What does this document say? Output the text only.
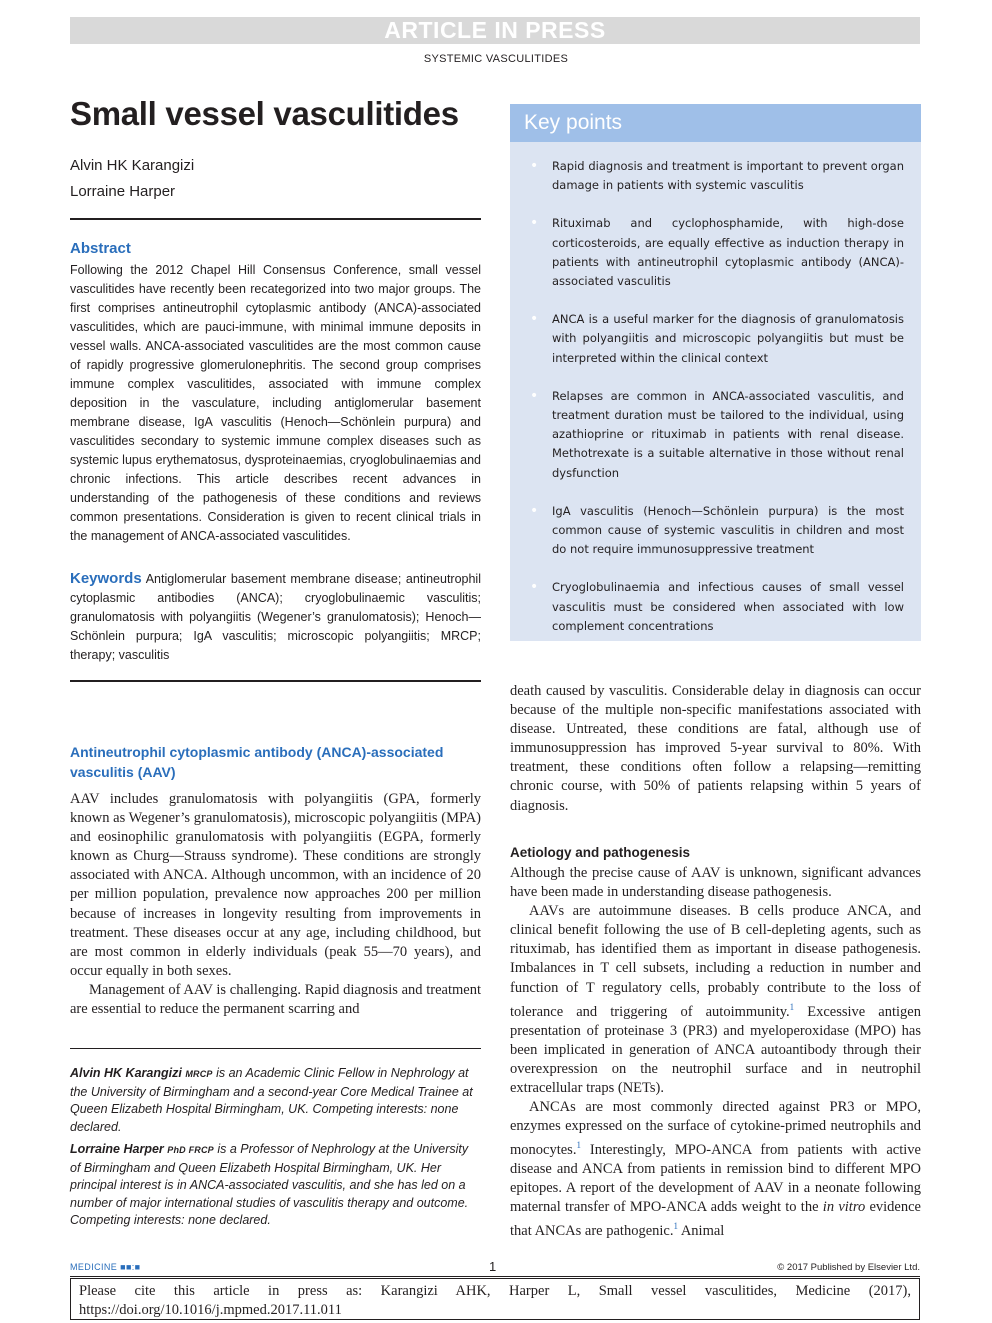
ARTICLE IN PRESS
SYSTEMIC VASCULITIDES
Small vessel vasculitides
Alvin HK Karangizi
Lorraine Harper
Abstract
Following the 2012 Chapel Hill Consensus Conference, small vessel vasculitides have recently been recategorized into two major groups. The first comprises antineutrophil cytoplasmic antibody (ANCA)-associated vasculitides, which are pauci-immune, with minimal immune deposits in vessel walls. ANCA-associated vasculitides are the most common cause of rapidly progressive glomerulonephritis. The second group comprises immune complex vasculitides, associated with immune complex deposition in the vasculature, including antiglomerular basement membrane disease, IgA vasculitis (Henoch—Schönlein purpura) and vasculitides secondary to systemic immune complex diseases such as systemic lupus erythematosus, dysproteinaemias, cryoglobulinaemias and chronic infections. This article describes recent advances in understanding of the pathogenesis of these conditions and reviews common presentations. Consideration is given to recent clinical trials in the management of ANCA-associated vasculitides.
Keywords Antiglomerular basement membrane disease; antineutrophil cytoplasmic antibodies (ANCA); cryoglobulinaemic vasculitis; granulomatosis with polyangiitis (Wegener’s granulomatosis); Henoch—Schönlein purpura; IgA vasculitis; microscopic polyangiitis; MRCP; therapy; vasculitis
Antineutrophil cytoplasmic antibody (ANCA)-associated vasculitis (AAV)

AAV includes granulomatosis with polyangiitis (GPA, formerly known as Wegener’s granulomatosis), microscopic polyangiitis (MPA) and eosinophilic granulomatosis with polyangiitis (EGPA, formerly known as Churg—Strauss syndrome). These conditions are strongly associated with ANCA. Although uncommon, with an incidence of 20 per million population, prevalence now approaches 200 per million because of increases in longevity resulting from improvements in treatment. These diseases occur at any age, including childhood, but are most common in elderly individuals (peak 55—70 years), and occur equally in both sexes.

Management of AAV is challenging. Rapid diagnosis and treatment are essential to reduce the permanent scarring and

Alvin HK Karangizi MRCP is an Academic Clinic Fellow in Nephrology at the University of Birmingham and a second-year Core Medical Trainee at Queen Elizabeth Hospital Birmingham, UK. Competing interests: none declared.
Lorraine Harper PhD FRCP is a Professor of Nephrology at the University of Birmingham and Queen Elizabeth Hospital Birmingham, UK. Her principal interest is in ANCA-associated vasculitis, and she has led on a number of major international studies of vasculitis therapy and outcome. Competing interests: none declared.
Key points
• Rapid diagnosis and treatment is important to prevent organ damage in patients with systemic vasculitis
• Rituximab and cyclophosphamide, with high-dose corticosteroids, are equally effective as induction therapy in patients with antineutrophil cytoplasmic antibody (ANCA)-associated vasculitis
• ANCA is a useful marker for the diagnosis of granulomatosis with polyangiitis and microscopic polyangiitis but must be interpreted within the clinical context
• Relapses are common in ANCA-associated vasculitis, and treatment duration must be tailored to the individual, using azathioprine or rituximab in patients with renal disease. Methotrexate is a suitable alternative in those without renal dysfunction
• IgA vasculitis (Henoch—Schönlein purpura) is the most common cause of systemic vasculitis in children and most do not require immunosuppressive treatment
• Cryoglobulinaemia and infectious causes of small vessel vasculitis must be considered when associated with low complement concentrations
death caused by vasculitis. Considerable delay in diagnosis can occur because of the multiple non-specific manifestations associated with disease. Untreated, these conditions are fatal, although use of immunosuppression has improved 5-year survival to 80%. With treatment, these conditions often follow a relapsing—remitting chronic course, with 50% of patients relapsing within 5 years of diagnosis.
Aetiology and pathogenesis

Although the precise cause of AAV is unknown, significant advances have been made in understanding disease pathogenesis.

AAVs are autoimmune diseases. B cells produce ANCA, and clinical benefit following the use of B cell-depleting agents, such as rituximab, has identified them as important in disease pathogenesis. Imbalances in T cell subsets, including a reduction in number and function of T regulatory cells, probably contribute to the loss of tolerance and triggering of autoimmunity.$^1$ Excessive antigen presentation of proteinase 3 (PR3) and myeloperoxidase (MPO) has been implicated in generation of ANCA autoantibody through their overexpression on the neutrophil surface and in neutrophil extracellular traps (NETs).

ANCAs are most commonly directed against PR3 or MPO, enzymes expressed on the surface of cytokine-primed neutrophils and monocytes.$^1$ Interestingly, MPO-ANCA from patients with active disease and ANCA from patients in remission bind to different MPO epitopes. A report of the development of AAV in a neonate following maternal transfer of MPO-ANCA adds weight to the in vitro evidence that ANCAs are pathogenic.$^1$ Animal

MEDICINE ■■:■	1	© 2017 Published by Elsevier Ltd.
Please cite this article in press as: Karangizi AHK, Harper L, Small vessel vasculitides, Medicine (2017), https://doi.org/10.1016/j.mpmed.2017.11.011
